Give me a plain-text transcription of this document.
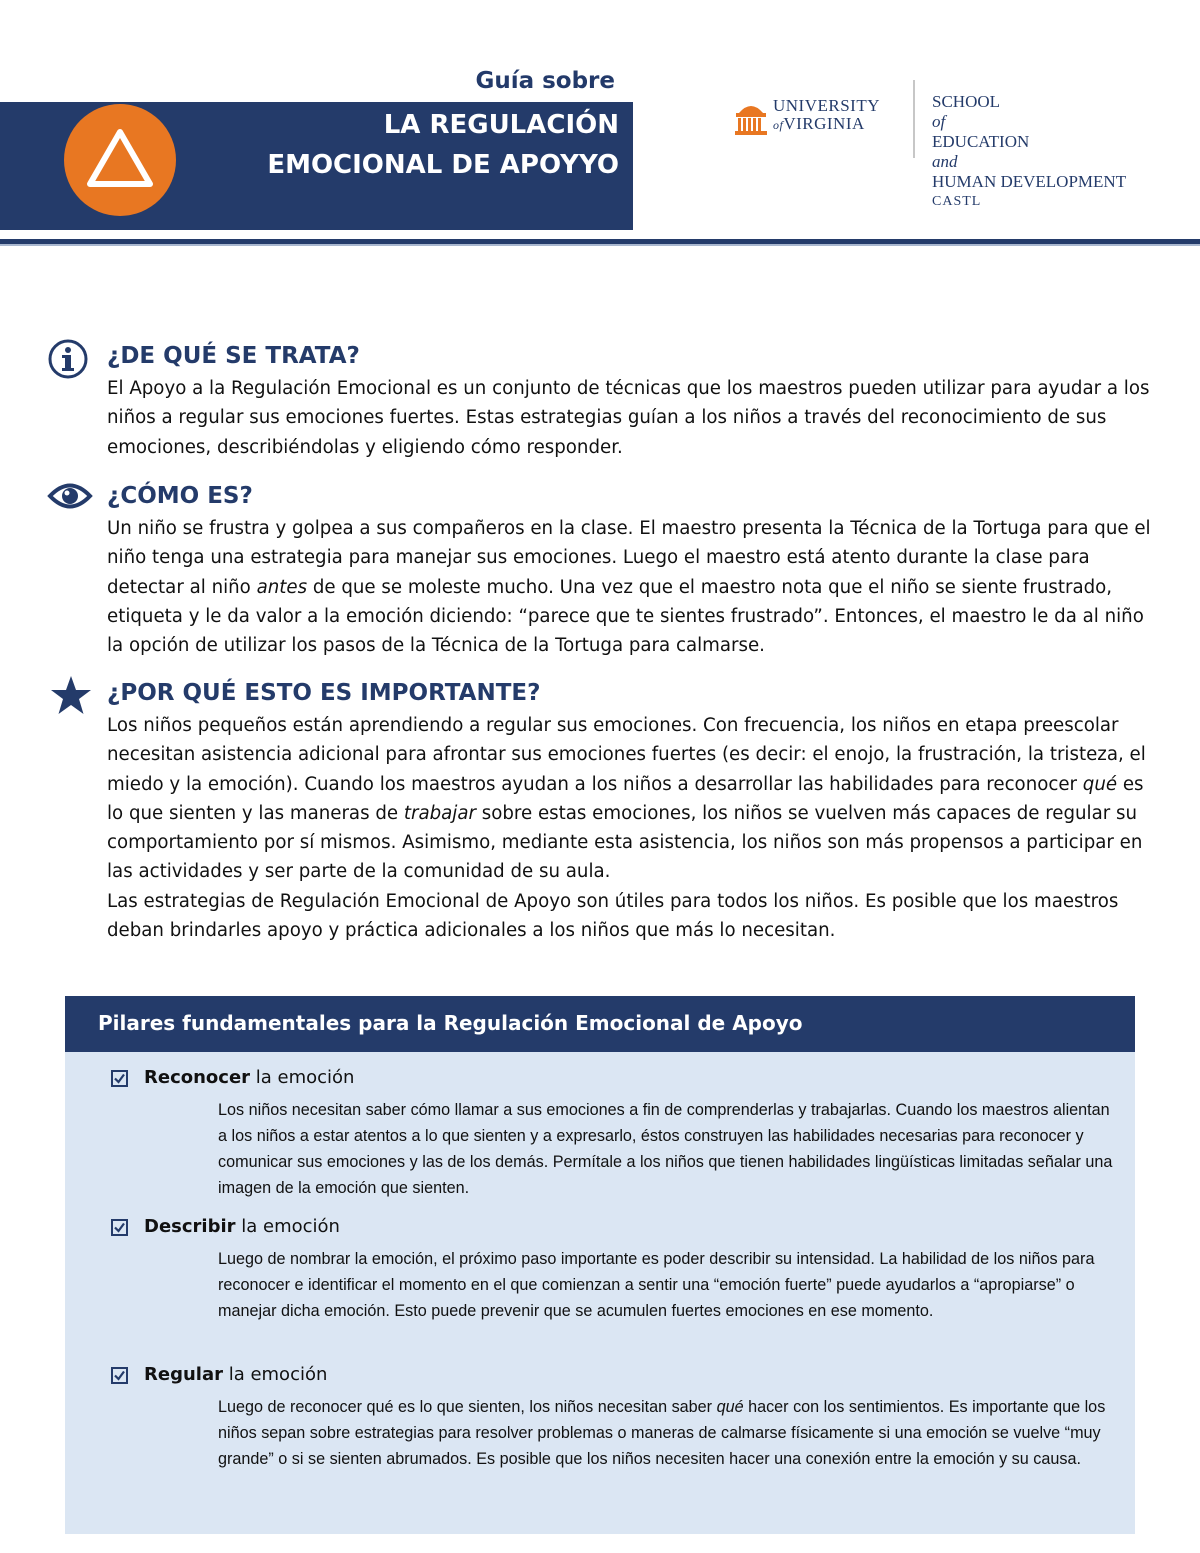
Guía sobre
LA REGULACIÓN
EMOCIONAL DE APOYYO
UNIVERSITY
ofVIRGINIA
SCHOOL
of
EDUCATION
and
HUMAN DEVELOPMENT
CASTL
¿DE QUÉ SE TRATA?

El Apoyo a la Regulación Emocional es un conjunto de técnicas que los maestros pueden utilizar para ayudar a los niños a regular sus emociones fuertes. Estas estrategias guían a los niños a través del reconocimiento de sus emociones, describiéndolas y eligiendo cómo responder.

¿CÓMO ES?

Un niño se frustra y golpea a sus compañeros en la clase. El maestro presenta la Técnica de la Tortuga para que el niño tenga una estrategia para manejar sus emociones. Luego el maestro está atento durante la clase para detectar al niño antes de que se moleste mucho. Una vez que el maestro nota que el niño se siente frustrado, etiqueta y le da valor a la emoción diciendo: “parece que te sientes frustrado”. Entonces, el maestro le da al niño la opción de utilizar los pasos de la Técnica de la Tortuga para calmarse.

¿POR QUÉ ESTO ES IMPORTANTE?

Los niños pequeños están aprendiendo a regular sus emociones. Con frecuencia, los niños en etapa preescolar necesitan asistencia adicional para afrontar sus emociones fuertes (es decir: el enojo, la frustración, la tristeza, el miedo y la emoción). Cuando los maestros ayudan a los niños a desarrollar las habilidades para reconocer qué es lo que sienten y las maneras de trabajar sobre estas emociones, los niños se vuelven más capaces de regular su comportamiento por sí mismos. Asimismo, mediante esta asistencia, los niños son más propensos a participar en las actividades y ser parte de la comunidad de su aula.

Las estrategias de Regulación Emocional de Apoyo son útiles para todos los niños. Es posible que los maestros deban brindarles apoyo y práctica adicionales a los niños que más lo necesitan.

Pilares fundamentales para la Regulación Emocional de Apoyo
Reconocer la emoción
Los niños necesitan saber cómo llamar a sus emociones a fin de comprenderlas y trabajarlas. Cuando los maestros alientan a los niños a estar atentos a lo que sienten y a expresarlo, éstos construyen las habilidades necesarias para reconocer y comunicar sus emociones y las de los demás. Permítale a los niños que tienen habilidades lingüísticas limitadas señalar una imagen de la emoción que sienten.
Describir la emoción
Luego de nombrar la emoción, el próximo paso importante es poder describir su intensidad. La habilidad de los niños para reconocer e identificar el momento en el que comienzan a sentir una “emoción fuerte” puede ayudarlos a “apropiarse” o manejar dicha emoción. Esto puede prevenir que se acumulen fuertes emociones en ese momento.
Regular la emoción
Luego de reconocer qué es lo que sienten, los niños necesitan saber qué hacer con los sentimientos. Es importante que los niños sepan sobre estrategias para resolver problemas o maneras de calmarse físicamente si una emoción se vuelve “muy grande” o si se sienten abrumados. Es posible que los niños necesiten hacer una conexión entre la emoción y su causa.
